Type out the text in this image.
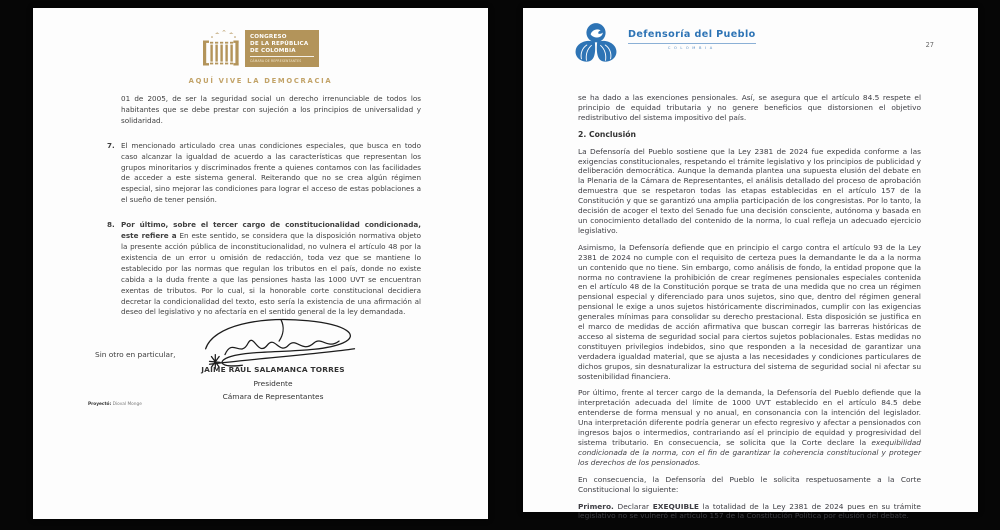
CONGRESO
DE LA REPÚBLICA
DE COLOMBIA
CÁMARA DE REPRESENTANTES
AQUÍ VIVE LA DEMOCRACIA

01 de 2005, de ser la seguridad social un derecho irrenunciable de todos los habitantes que se debe prestar con sujeción a los principios de universalidad y solidaridad.

7. El mencionado articulado crea unas condiciones especiales, que busca en todo caso alcanzar la igualdad de acuerdo a las características que representan los grupos minoritarios y discriminados frente a quienes contamos con las facilidades de acceder a este sistema general. Reiterando que no se crea algún régimen especial, sino mejorar las condiciones para lograr el acceso de estas poblaciones a el sueño de tener pensión.
8. Por último, sobre el tercer cargo de constitucionalidad condicionada, este refiere a En este sentido, se considera que la disposición normativa objeto la presente acción pública de inconstitucionalidad, no vulnera el artículo 48 por la existencia de un error u omisión de redacción, toda vez que se mantiene lo establecido por las normas que regulan los tributos en el país, donde no existe cabida a la duda frente a que las pensiones hasta las 1000 UVT se encuentran exentas de tributos. Por lo cual, si la honorable corte constitucional decidiera decretar la condicionalidad del texto, esto sería la existencia de una afirmación al deseo del legislativo y no afectaría en el sentido general de la ley demandada.
Sin otro en particular,
JAIME RAUL SALAMANCA TORRES
Presidente
Cámara de Representantes
Proyectó: Dioval Monge
Defensoría del Pueblo
COLOMBIA	27

se ha dado a las exenciones pensionales. Así, se asegura que el artículo 84.5 respete el principio de equidad tributaria y no genere beneficios que distorsionen el objetivo redistributivo del sistema impositivo del país.

2. Conclusión

La Defensoría del Pueblo sostiene que la Ley 2381 de 2024 fue expedida conforme a las exigencias constitucionales, respetando el trámite legislativo y los principios de publicidad y deliberación democrática. Aunque la demanda plantea una supuesta elusión del debate en la Plenaria de la Cámara de Representantes, el análisis detallado del proceso de aprobación demuestra que se respetaron todas las etapas establecidas en el artículo 157 de la Constitución y que se garantizó una amplia participación de los congresistas. Por lo tanto, la decisión de acoger el texto del Senado fue una decisión consciente, autónoma y basada en un conocimiento detallado del contenido de la norma, lo cual refleja un adecuado ejercicio legislativo.

Asimismo, la Defensoría defiende que en principio el cargo contra el artículo 93 de la Ley 2381 de 2024 no cumple con el requisito de certeza pues la demandante le da a la norma un contenido que no tiene. Sin embargo, como análisis de fondo, la entidad propone que la norma no contraviene la prohibición de crear regímenes pensionales especiales contenida en el artículo 48 de la Constitución porque se trata de una medida que no crea un régimen pensional especial y diferenciado para unos sujetos, sino que, dentro del régimen general pensional le exige a unos sujetos históricamente discriminados, cumplir con las exigencias generales mínimas para consolidar su derecho prestacional. Esta disposición se justifica en el marco de medidas de acción afirmativa que buscan corregir las barreras históricas de acceso al sistema de seguridad social para ciertos sujetos poblacionales. Estas medidas no constituyen privilegios indebidos, sino que responden a la necesidad de garantizar una verdadera igualdad material, que se ajusta a las necesidades y condiciones particulares de dichos grupos, sin desnaturalizar la estructura del sistema de seguridad social ni afectar su sostenibilidad financiera.

Por último, frente al tercer cargo de la demanda, la Defensoría del Pueblo defiende que la interpretación adecuada del límite de 1000 UVT establecido en el artículo 84.5 debe entenderse de forma mensual y no anual, en consonancia con la intención del legislador. Una interpretación diferente podría generar un efecto regresivo y afectar a pensionados con ingresos bajos o intermedios, contrariando así el principio de equidad y progresividad del sistema tributario. En consecuencia, se solicita que la Corte declare la exequibilidad condicionada de la norma, con el fin de garantizar la coherencia constitucional y proteger los derechos de los pensionados.

En consecuencia, la Defensoría del Pueblo le solicita respetuosamente a la Corte Constitucional lo siguiente:

Primero. Declarar EXEQUIBLE la totalidad de la Ley 2381 de 2024 pues en su trámite legislativo no se vulneró el artículo 157 de la Constitución Política por elusión del debate.
